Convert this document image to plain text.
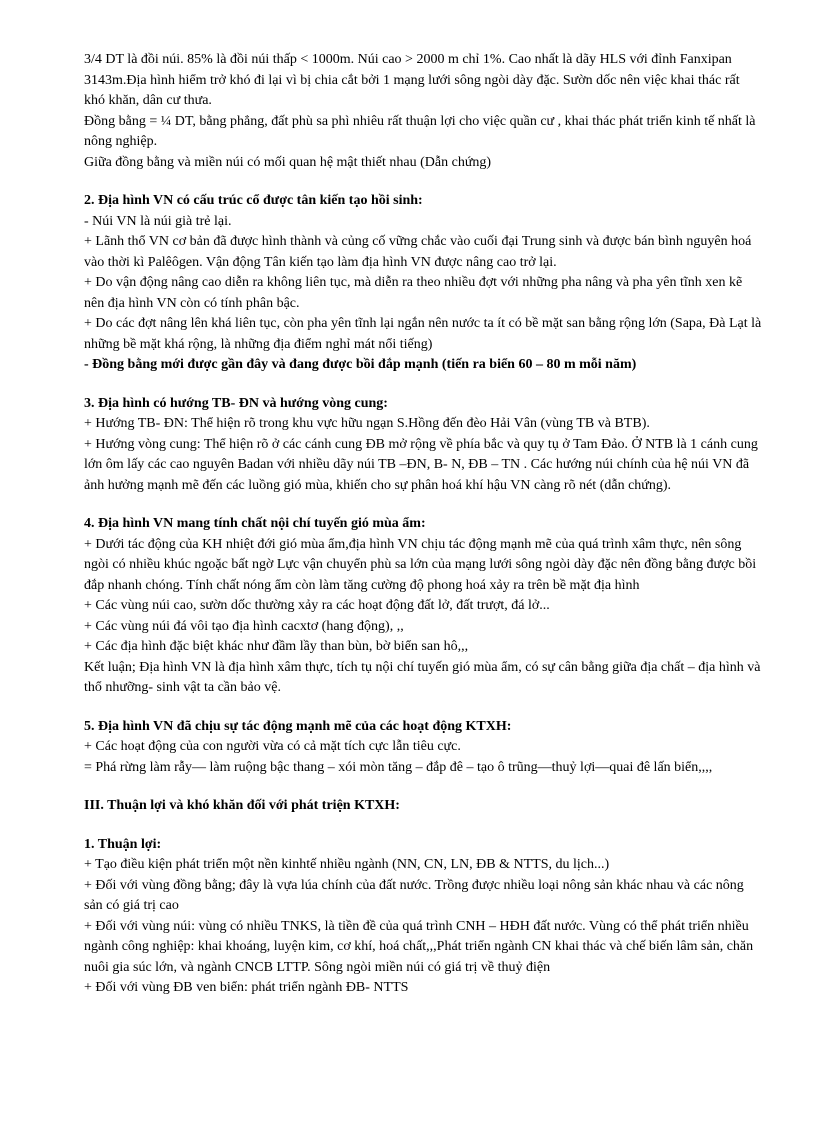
3/4 DT là đồi núi. 85% là đồi núi thấp < 1000m. Núi cao > 2000 m chỉ 1%. Cao nhất là dãy HLS với đỉnh Fanxipan 3143m.Địa hình hiểm trở khó đi lại vì bị chia cắt bởi 1 mạng lưới sông ngòi dày đặc. Sườn dốc nên việc khai thác rất khó khăn, dân cư thưa.

Đồng bằng = ¼ DT, bằng phẳng, đất phù sa phì nhiêu rất thuận lợi cho việc quần cư , khai thác phát triển kinh tế nhất là nông nghiệp.

Giữa đồng bằng và miền núi có mối quan hệ mật thiết nhau (Dẫn chứng)

2. Địa hình VN có cấu trúc cổ được tân kiến tạo hồi sinh:

- Núi VN là núi già trẻ lại.

+ Lãnh thổ VN cơ bản đã được hình thành và củng cố vững chắc vào cuối đại Trung sinh và được bán bình nguyên hoá vào thời kì Palêôgen. Vận động Tân kiến tạo làm địa hình VN được nâng cao trở lại.

+ Do vận động nâng cao diễn ra không liên tục, mà diễn ra theo nhiều đợt với những pha nâng và pha yên tĩnh xen kẽ nên địa hình VN còn có tính phân bậc.

+ Do các đợt nâng lên khá liên tục, còn pha yên tĩnh lại ngắn nên nước ta ít có bề mặt san bằng rộng lớn (Sapa, Đà Lạt là những bề mặt khá rộng, là những địa điểm nghỉ mát nổi tiếng)

- Đồng bằng mới được gần đây và đang được bồi đắp mạnh (tiến ra biển 60 – 80 m mỗi năm)

3. Địa hình có hướng TB- ĐN và hướng vòng cung:

+ Hướng TB- ĐN: Thể hiện rõ trong khu vực hữu ngạn S.Hồng đến đèo Hải Vân (vùng TB và BTB).

+ Hướng vòng cung: Thể hiện rõ ở các cánh cung ĐB mở rộng về phía bắc và quy tụ ở Tam Đảo. Ở NTB là 1 cánh cung lớn ôm lấy các cao nguyên Badan với nhiều dãy núi TB –ĐN, B- N, ĐB – TN . Các hướng núi chính của hệ núi VN đã ảnh hưởng mạnh mẽ đến các luồng gió mùa, khiến cho sự phân hoá khí hậu VN càng rõ nét (dẫn chứng).

4. Địa hình VN mang tính chất nội chí tuyến gió mùa ẩm:

+ Dưới tác động của KH nhiệt đới gió mùa ẩm,địa hình VN chịu tác động mạnh mẽ của quá trình xâm thực, nên sông ngòi có nhiều khúc ngoặc bất ngờ Lực vận chuyển phù sa lớn của mạng lưới sông ngòi dày đặc nên đồng bằng được bồi đắp nhanh chóng. Tính chất nóng ẩm còn làm tăng cường độ phong hoá xảy ra trên bề mặt địa hình

+ Các vùng núi cao, sườn dốc thường xảy ra các hoạt động đất lở, đất trượt, đá lở...

+ Các vùng núi đá vôi tạo địa hình cacxtơ (hang động), ,,

+ Các địa hình đặc biệt khác như đầm lầy than bùn, bờ biển san hô,,,

Kết luận; Địa hình VN là địa hình xâm thực, tích tụ nội chí tuyến gió mùa ẩm, có sự cân bằng giữa địa chất – địa hình và thổ nhưỡng- sinh vật ta cần bảo vệ.

5. Địa hình VN đã chịu sự tác động mạnh mẽ của các hoạt động KTXH:

+ Các hoạt động của con người vừa có cả mặt tích cực lẫn tiêu cực.

= Phá rừng làm rẫy— làm ruộng bậc thang – xói mòn tăng – đắp đê – tạo ô trũng—thuỷ lợi—quai đê lấn biển,,,,

III. Thuận lợi và khó khăn đối với phát triện KTXH:

1. Thuận lợi:

+ Tạo điều kiện phát triển một nền kinhtế nhiều ngành (NN, CN, LN, ĐB & NTTS, du lịch...)

+ Đối với vùng đồng bằng; đây là vựa lúa chính của đất nước. Trồng được nhiều loại nông sản khác nhau và các nông sản có giá trị cao

+ Đối với vùng núi: vùng có nhiều TNKS, là tiền đề của quá trình CNH – HĐH đất nước. Vùng có thể phát triển nhiều ngành công nghiệp: khai khoáng, luyện kim, cơ khí, hoá chất,,,Phát triển ngành CN khai thác và chế biến lâm sản, chăn nuôi gia súc lớn, và ngành CNCB LTTP. Sông ngòi miền núi có giá trị về thuỷ điện

+ Đối với vùng ĐB ven biển: phát triển ngành ĐB- NTTS
